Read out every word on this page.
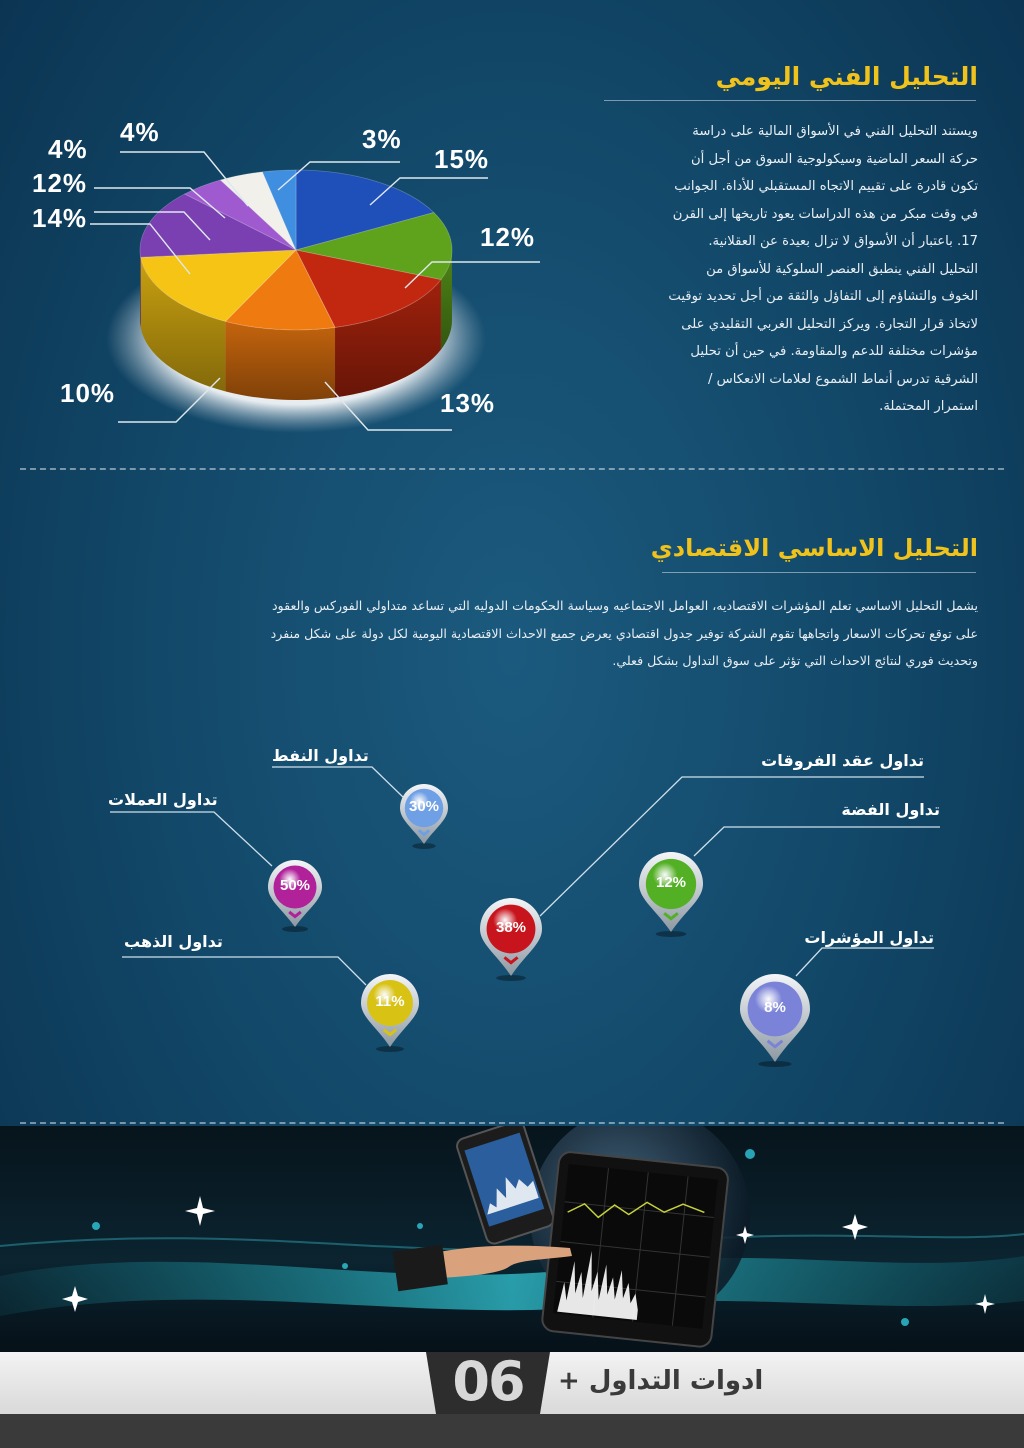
التحليل الفني اليومي

ويستند التحليل الفني في الأسواق المالية على دراسة

حركة السعر الماضية وسيكولوجية السوق من أجل أن

تكون قادرة على تقييم الاتجاه المستقبلي للأداة. الجوانب

في وقت مبكر من هذه الدراسات يعود تاريخها إلى القرن

17. باعتبار أن الأسواق لا تزال بعيدة عن العقلانية.

التحليل الفني ينطبق العنصر السلوكية للأسواق من

الخوف والتشاؤم إلى التفاؤل والثقة من أجل تحديد توقيت

لاتخاذ قرار التجارة. ويركز التحليل الغربي التقليدي على

مؤشرات مختلفة للدعم والمقاومة. في حين أن تحليل

الشرقية تدرس أنماط الشموع لعلامات الانعكاس /

استمرار المحتملة.

15%
12%
13%
10%
14%
12%
4%
4%	3%
التحليل الاساسي الاقتصادي

يشمل التحليل الاساسي تعلم المؤشرات الاقتصاديه، العوامل الاجتماعيه وسياسة الحكومات الدوليه التي تساعد متداولي الفوركس والعقود

على توقع تحركات الاسعار واتجاهها تقوم الشركة توفير جدول اقتصادي يعرض جميع الاحداث الاقتصادية اليومية لكل دولة على شكل منفرد

وتحديث فوري لنتائج الاحداث التي تؤثر على سوق التداول بشكل فعلي.

تداول النفط
تداول العملات
تداول الذهب
تداول عقد الفروقات
تداول الفضة
تداول المؤشرات
30%
50%
11%
38%
12%
8%
06	ادوات التداول +
